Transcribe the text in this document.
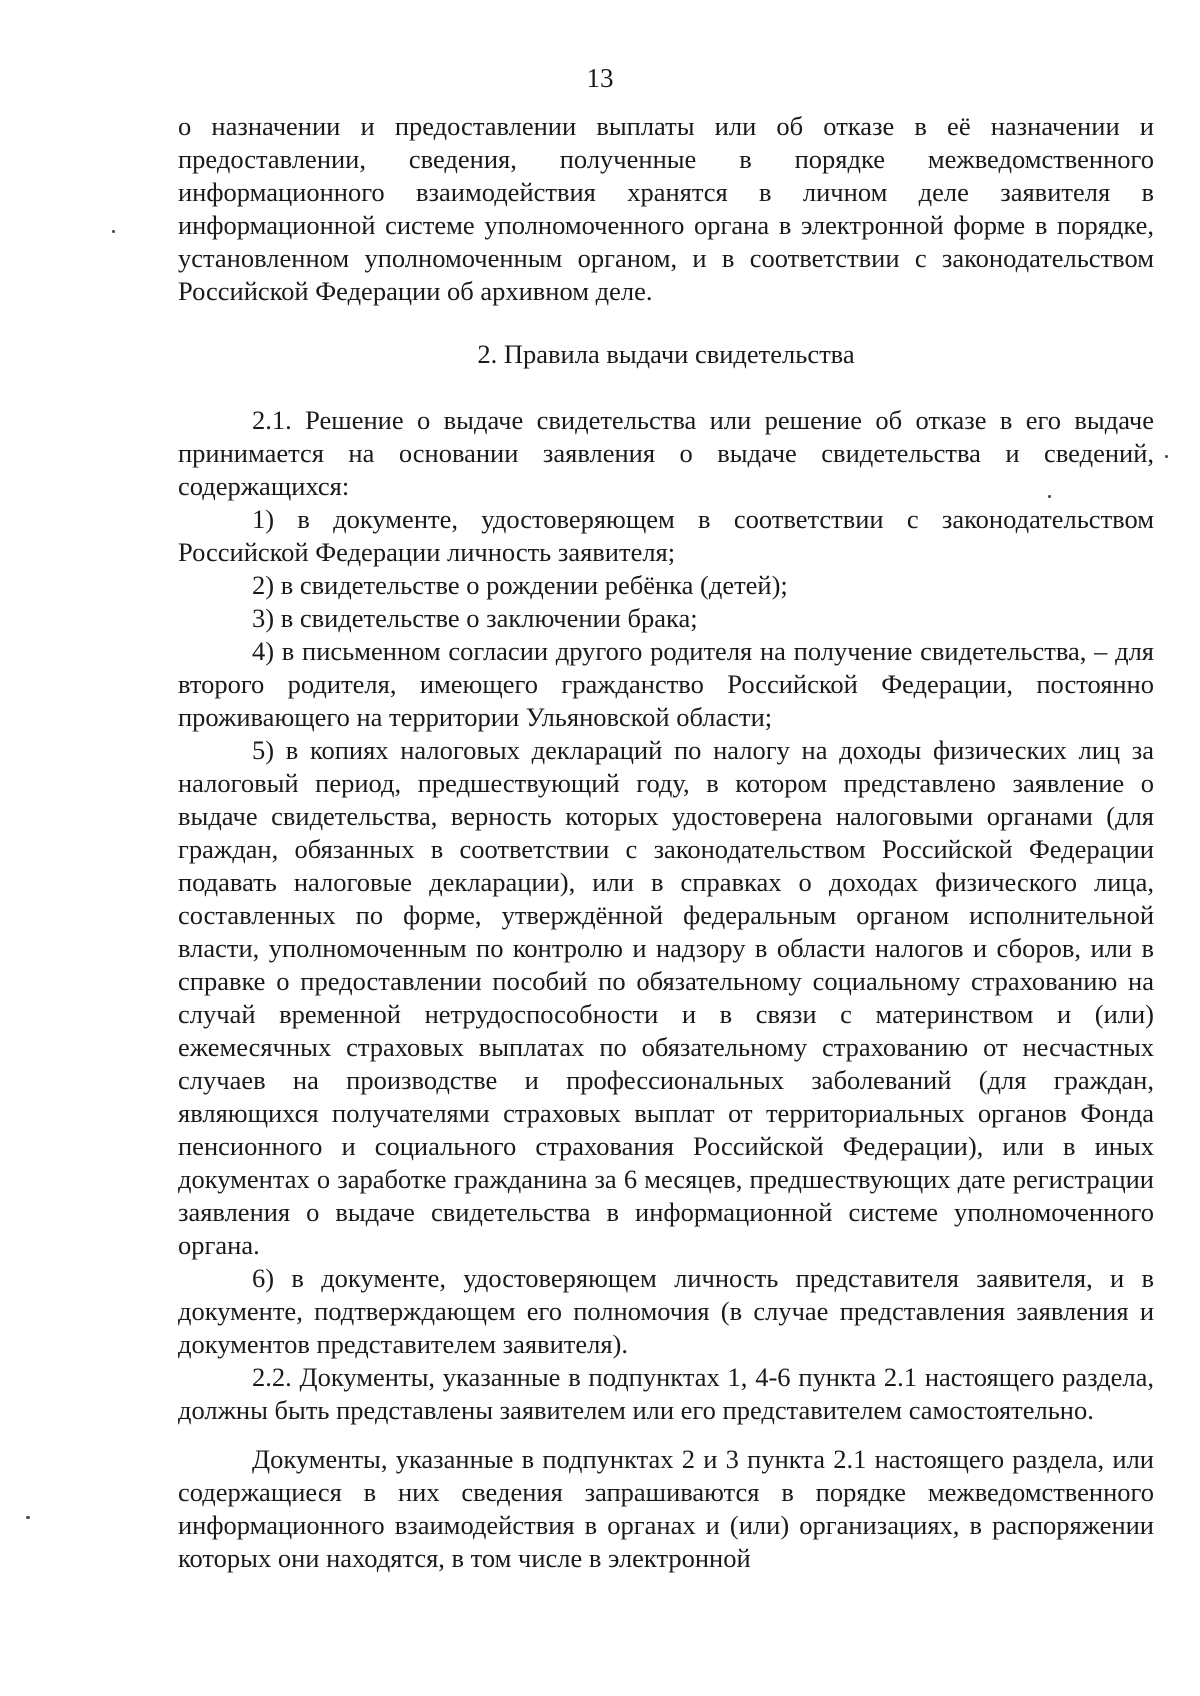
13

о назначении и предоставлении выплаты или об отказе в её назначении и предоставлении, сведения, полученные в порядке межведомственного информационного взаимодействия хранятся в личном деле заявителя в информационной системе уполномоченного органа в электронной форме в порядке, установленном уполномоченным органом, и в соответствии с законодательством Российской Федерации об архивном деле.

2. Правила выдачи свидетельства

2.1. Решение о выдаче свидетельства или решение об отказе в его выдаче принимается на основании заявления о выдаче свидетельства и сведений, содержащихся:

1) в документе, удостоверяющем в соответствии с законодательством Российской Федерации личность заявителя;

2) в свидетельстве о рождении ребёнка (детей);

3) в свидетельстве о заключении брака;

4) в письменном согласии другого родителя на получение свидетельства, – для второго родителя, имеющего гражданство Российской Федерации, постоянно проживающего на территории Ульяновской области;

5) в копиях налоговых деклараций по налогу на доходы физических лиц за налоговый период, предшествующий году, в котором представлено заявление о выдаче свидетельства, верность которых удостоверена налоговыми органами (для граждан, обязанных в соответствии с законодательством Российской Федерации подавать налоговые декларации), или в справках о доходах физического лица, составленных по форме, утверждённой федеральным органом исполнительной власти, уполномоченным по контролю и надзору в области налогов и сборов, или в справке о предоставлении пособий по обязательному социальному страхованию на случай временной нетрудоспособности и в связи с материнством и (или) ежемесячных страховых выплатах по обязательному страхованию от несчастных случаев на производстве и профессиональных заболеваний (для граждан, являющихся получателями страховых выплат от территориальных органов Фонда пенсионного и социального страхования Российской Федерации), или в иных документах о заработке гражданина за 6 месяцев, предшествующих дате регистрации заявления о выдаче свидетельства в информационной системе уполномоченного органа.

6) в документе, удостоверяющем личность представителя заявителя, и в документе, подтверждающем его полномочия (в случае представления заявления и документов представителем заявителя).

2.2. Документы, указанные в подпунктах 1, 4-6 пункта 2.1 настоящего раздела, должны быть представлены заявителем или его представителем самостоятельно.

Документы, указанные в подпунктах 2 и 3 пункта 2.1 настоящего раздела, или содержащиеся в них сведения запрашиваются в порядке межведомственного информационного взаимодействия в органах и (или) организациях, в распоряжении которых они находятся, в том числе в электронной
